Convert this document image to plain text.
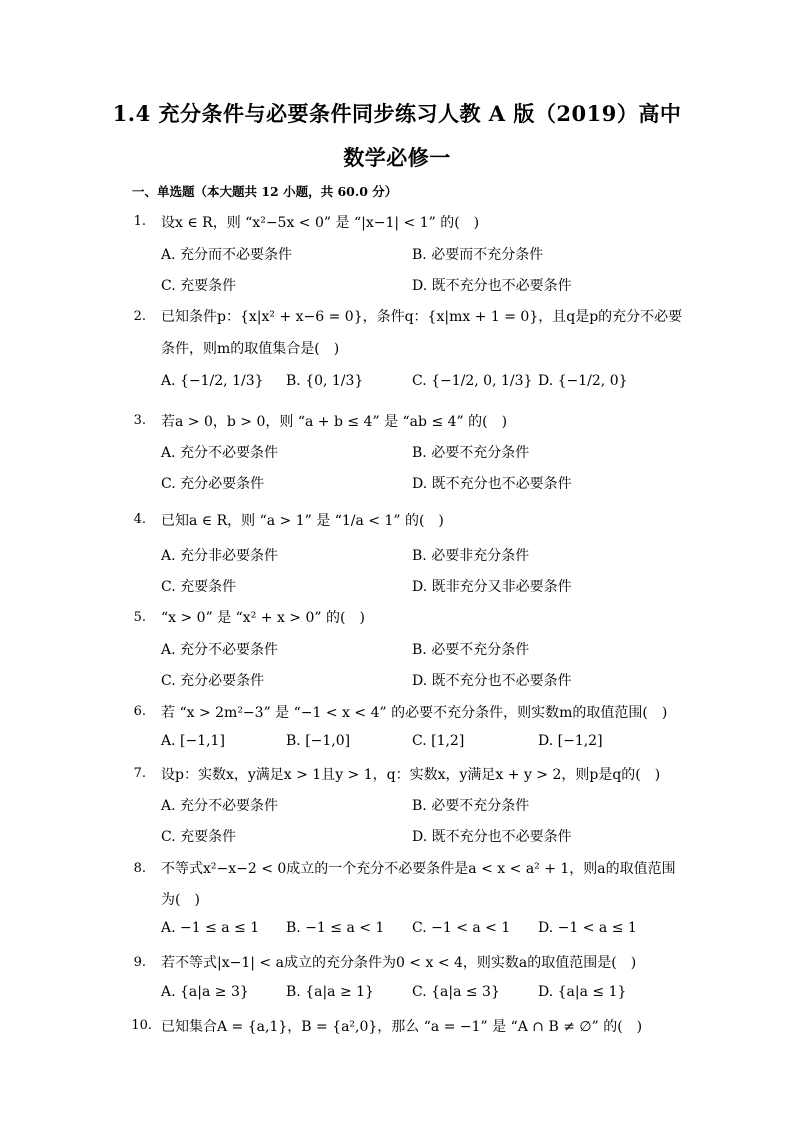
1.4 充分条件与必要条件同步练习人教 A 版（2019）高中
数学必修一
一、单选题（本大题共 12 小题，共 60.0 分）
1. 设x ∈ R，则 “x²−5x < 0” 是 “|x−1| < 1” 的(　)
A. 充分而不必要条件	B. 必要而不充分条件
C. 充要条件	D. 既不充分也不必要条件
2. 已知条件p：{x|x² + x−6 = 0}，条件q：{x|mx + 1 = 0}，且q是p的充分不必要
条件，则m的取值集合是(　)
A. {−1/2, 1/3} B. {0, 1/3}	C. {−1/2, 0, 1/3} D. {−1/2, 0}
3. 若a > 0，b > 0，则 “a + b ≤ 4” 是 “ab ≤ 4” 的(　)
A. 充分不必要条件	B. 必要不充分条件
C. 充分必要条件	D. 既不充分也不必要条件
4. 已知a ∈ R，则 “a > 1” 是 “1/a < 1” 的(　)
A. 充分非必要条件	B. 必要非充分条件
C. 充要条件	D. 既非充分又非必要条件
5. “x > 0” 是 “x² + x > 0” 的(　)
A. 充分不必要条件	B. 必要不充分条件
C. 充分必要条件	D. 既不充分也不必要条件
6. 若 “x > 2m²−3” 是 “−1 < x < 4” 的必要不充分条件，则实数m的取值范围(　)
A. [−1,1]	B. [−1,0]	C. [1,2]	D. [−1,2]
7. 设p：实数x，y满足x > 1且y > 1，q：实数x，y满足x + y > 2，则p是q的(　)
A. 充分不必要条件	B. 必要不充分条件
C. 充要条件	D. 既不充分也不必要条件
8. 不等式x²−x−2 < 0成立的一个充分不必要条件是a < x < a² + 1，则a的取值范围
为(　)
A. −1 ≤ a ≤ 1 B. −1 ≤ a < 1 C. −1 < a < 1 D. −1 < a ≤ 1
9. 若不等式|x−1| < a成立的充分条件为0 < x < 4，则实数a的取值范围是(　)
A. {a|a ≥ 3}	B. {a|a ≥ 1}	C. {a|a ≤ 3}	D. {a|a ≤ 1}
10. 已知集合A = {a,1}，B = {a²,0}，那么 “a = −1” 是 “A ∩ B ≠ ∅” 的(　)
